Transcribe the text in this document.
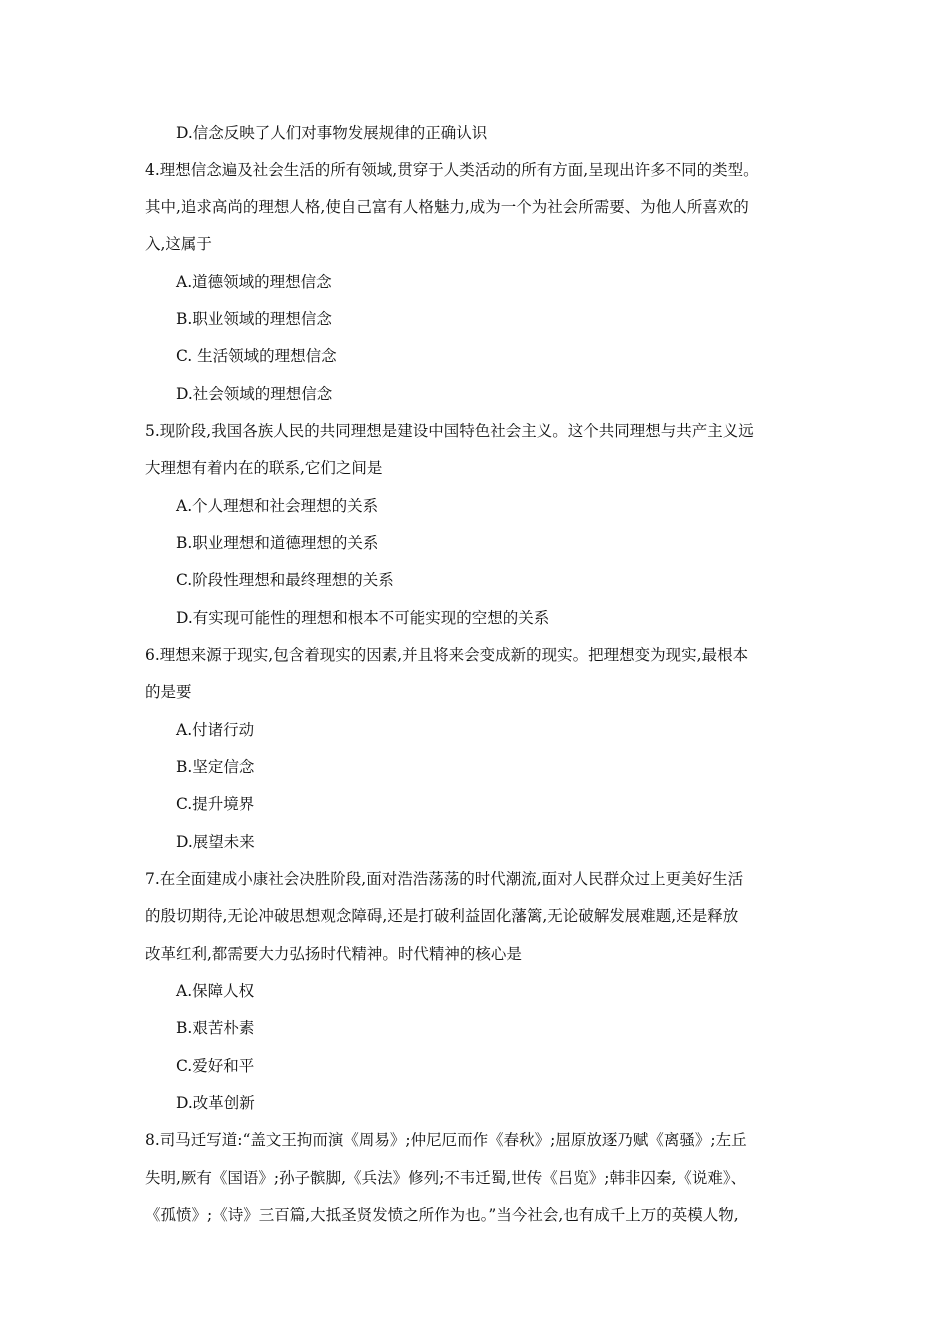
D.信念反映了人们对事物发展规律的正确认识
4.理想信念遍及社会生活的所有领域,贯穿于人类活动的所有方面,呈现出许多不同的类型。
其中,追求高尚的理想人格,使自己富有人格魅力,成为一个为社会所需要、为他人所喜欢的
入,这属于
A.道德领域的理想信念
B.职业领域的理想信念
C. 生活领域的理想信念
D.社会领域的理想信念
5.现阶段,我国各族人民的共同理想是建设中国特色社会主义。这个共同理想与共产主义远
大理想有着内在的联系,它们之间是
A.个人理想和社会理想的关系
B.职业理想和道德理想的关系
C.阶段性理想和最终理想的关系
D.有实现可能性的理想和根本不可能实现的空想的关系
6.理想来源于现实,包含着现实的因素,并且将来会变成新的现实。把理想变为现实,最根本
的是要
A.付诸行动
B.坚定信念
C.提升境界
D.展望未来
7.在全面建成小康社会决胜阶段,面对浩浩荡荡的时代潮流,面对人民群众过上更美好生活
的殷切期待,无论冲破思想观念障碍,还是打破利益固化藩篱,无论破解发展难题,还是释放
改革红利,都需要大力弘扬时代精神。时代精神的核心是
A.保障人权
B.艰苦朴素
C.爱好和平
D.改革创新
8.司马迁写道:“盖文王拘而演《周易》;仲尼厄而作《春秋》;屈原放逐乃赋《离骚》;左丘
失明,厥有《国语》;孙子髌脚,《兵法》修列;不韦迁蜀,世传《吕览》;韩非囚秦,《说难》、
《孤愤》;《诗》三百篇,大抵圣贤发愤之所作为也。”当今社会,也有成千上万的英模人物,
